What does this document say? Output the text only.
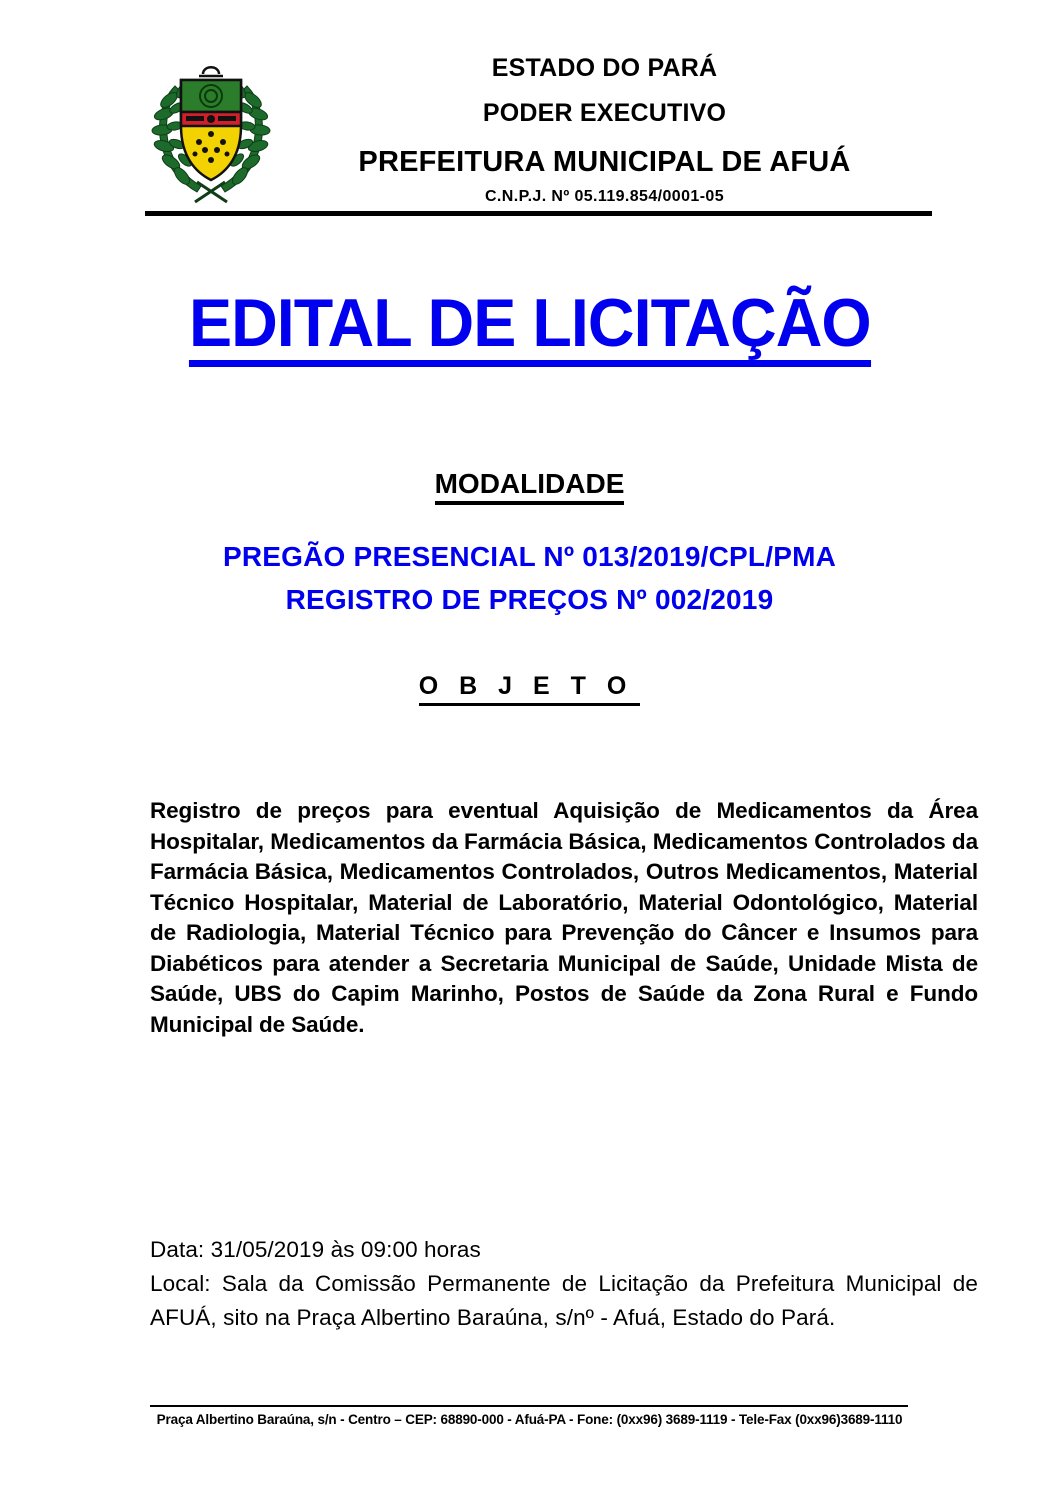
ESTADO DO PARÁ
PODER EXECUTIVO
PREFEITURA MUNICIPAL DE AFUÁ
C.N.P.J. Nº 05.119.854/0001-05
EDITAL DE LICITAÇÃO
MODALIDADE
PREGÃO PRESENCIAL Nº 013/2019/CPL/PMA
REGISTRO DE PREÇOS Nº 002/2019
O B J E T O

Registro de preços para eventual Aquisição de Medicamentos da Área Hospitalar, Medicamentos da Farmácia Básica, Medicamentos Controlados da Farmácia Básica, Medicamentos Controlados, Outros Medicamentos, Material Técnico Hospitalar, Material de Laboratório, Material Odontológico, Material de Radiologia, Material Técnico para Prevenção do Câncer e Insumos para Diabéticos para atender a Secretaria Municipal de Saúde, Unidade Mista de Saúde, UBS do Capim Marinho, Postos de Saúde da Zona Rural e Fundo Municipal de Saúde.

Data: 31/05/2019 às 09:00 horas

Local: Sala da Comissão Permanente de Licitação da Prefeitura Municipal de AFUÁ, sito na Praça Albertino Baraúna, s/nº - Afuá, Estado do Pará.

Praça Albertino Baraúna, s/n - Centro – CEP: 68890-000 - Afuá-PA - Fone: (0xx96) 3689-1119 - Tele-Fax (0xx96)3689-1110
